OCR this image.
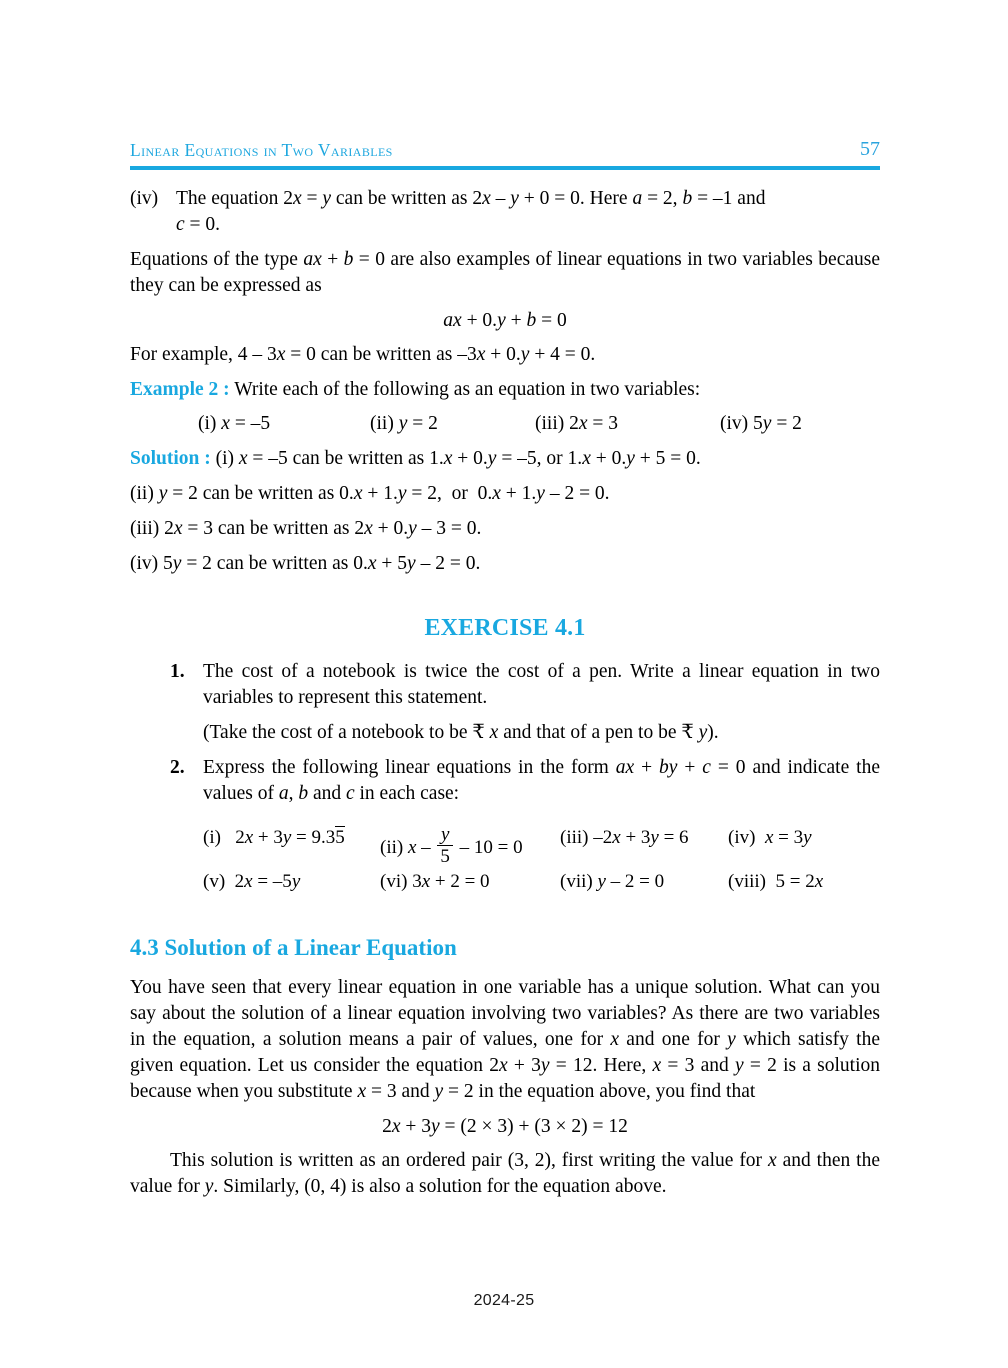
Linear Equations in Two Variables	57
(iv) The equation 2x = y can be written as 2x – y + 0 = 0. Here a = 2, b = –1 and
c = 0.

Equations of the type ax + b = 0 are also examples of linear equations in two variables because they can be expressed as

ax + 0.y + b = 0

For example, 4 – 3x = 0 can be written as –3x + 0.y + 4 = 0.

Example 2 : Write each of the following as an equation in two variables:

(i) x = –5	(ii) y = 2	(iii) 2x = 3	(iv) 5y = 2

Solution : (i) x = –5 can be written as 1.x + 0.y = –5, or 1.x + 0.y + 5 = 0.

(ii) y = 2 can be written as 0.x + 1.y = 2,  or  0.x + 1.y – 2 = 0.

(iii) 2x = 3 can be written as 2x + 0.y – 3 = 0.

(iv) 5y = 2 can be written as 0.x + 5y – 2 = 0.

EXERCISE 4.1
1. The cost of a notebook is twice the cost of a pen. Write a linear equation in two variables to represent this statement.
(Take the cost of a notebook to be ₹ x and that of a pen to be ₹ y).
2. Express the following linear equations in the form ax + by + c = 0 and indicate the values of a, b and c in each case:
(i)   2x + 3y = 9.35 (ii) $x - \frac{y}{5} - 10 = 0$ (iii) –2x + 3y = 6 (iv) x = 3y
(v)  2x = –5y	(vi) 3x + 2 = 0	(vii) y – 2 = 0	(viii)  5 = 2x
4.3 Solution of a Linear Equation

You have seen that every linear equation in one variable has a unique solution. What can you say about the solution of a linear equation involving two variables? As there are two variables in the equation, a solution means a pair of values, one for x and one for y which satisfy the given equation. Let us consider the equation 2x + 3y = 12. Here, x = 3 and y = 2 is a solution because when you substitute x = 3 and y = 2 in the equation above, you find that

2x + 3y = (2 × 3) + (3 × 2) = 12

This solution is written as an ordered pair (3, 2), first writing the value for x and then the value for y. Similarly, (0, 4) is also a solution for the equation above.

2024-25
